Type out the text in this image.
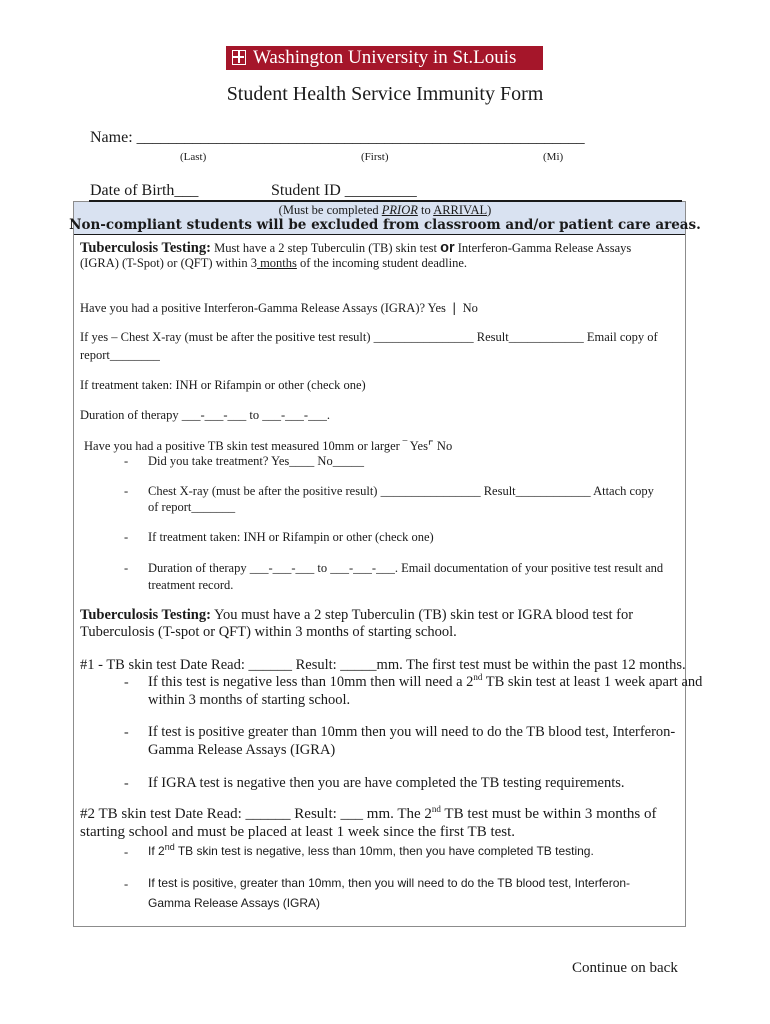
Washington University in St.Louis
Student Health Service Immunity Form
Name: ________________________________________________________
(Last)	(First)	(Mi)
Date of Birth___	Student ID _________
(Must be completed PRIOR to ARRIVAL)
Non-compliant students will be excluded from classroom and/or patient care areas.
Tuberculosis Testing: Must have a 2 step Tuberculin (TB) skin test or Interferon-Gamma Release Assays
(IGRA) (T-Spot) or (QFT) within 3 months of the incoming student deadline.
Have you had a positive Interferon-Gamma Release Assays (IGRA)? Yes ❘ No
If yes – Chest X-ray (must be after the positive test result) ________________ Result____________ Email copy of
report________
If treatment taken: INH or Rifampin or other (check one)
Duration of therapy ___-___-___ to ___-___-___.
Have you had a positive TB skin test measured 10mm or larger ‾ Yes⌜ No
- Did you take treatment? Yes____ No_____
- Chest X-ray (must be after the positive result) ________________ Result____________ Attach copy
of report_______
- If treatment taken: INH or Rifampin or other (check one)
- Duration of therapy ___-___-___ to ___-___-___. Email documentation of your positive test result and
treatment record.
Tuberculosis Testing: You must have a 2 step Tuberculin (TB) skin test or IGRA blood test for
Tuberculosis (T-spot or QFT) within 3 months of starting school.
#1 - TB skin test Date Read: ______ Result: _____mm. The first test must be within the past 12 months.
- If this test is negative less than 10mm then will need a 2nd TB skin test at least 1 week apart and
within 3 months of starting school.
- If test is positive greater than 10mm then you will need to do the TB blood test, Interferon-
Gamma Release Assays (IGRA)
- If IGRA test is negative then you are have completed the TB testing requirements.
#2 TB skin test Date Read: ______ Result: ___ mm. The 2nd TB test must be within 3 months of
starting school and must be placed at least 1 week since the first TB test.
- If 2nd TB skin test is negative, less than 10mm, then you have completed TB testing.
- If test is positive, greater than 10mm, then you will need to do the TB blood test, Interferon-
Gamma Release Assays (IGRA)
Continue on back
